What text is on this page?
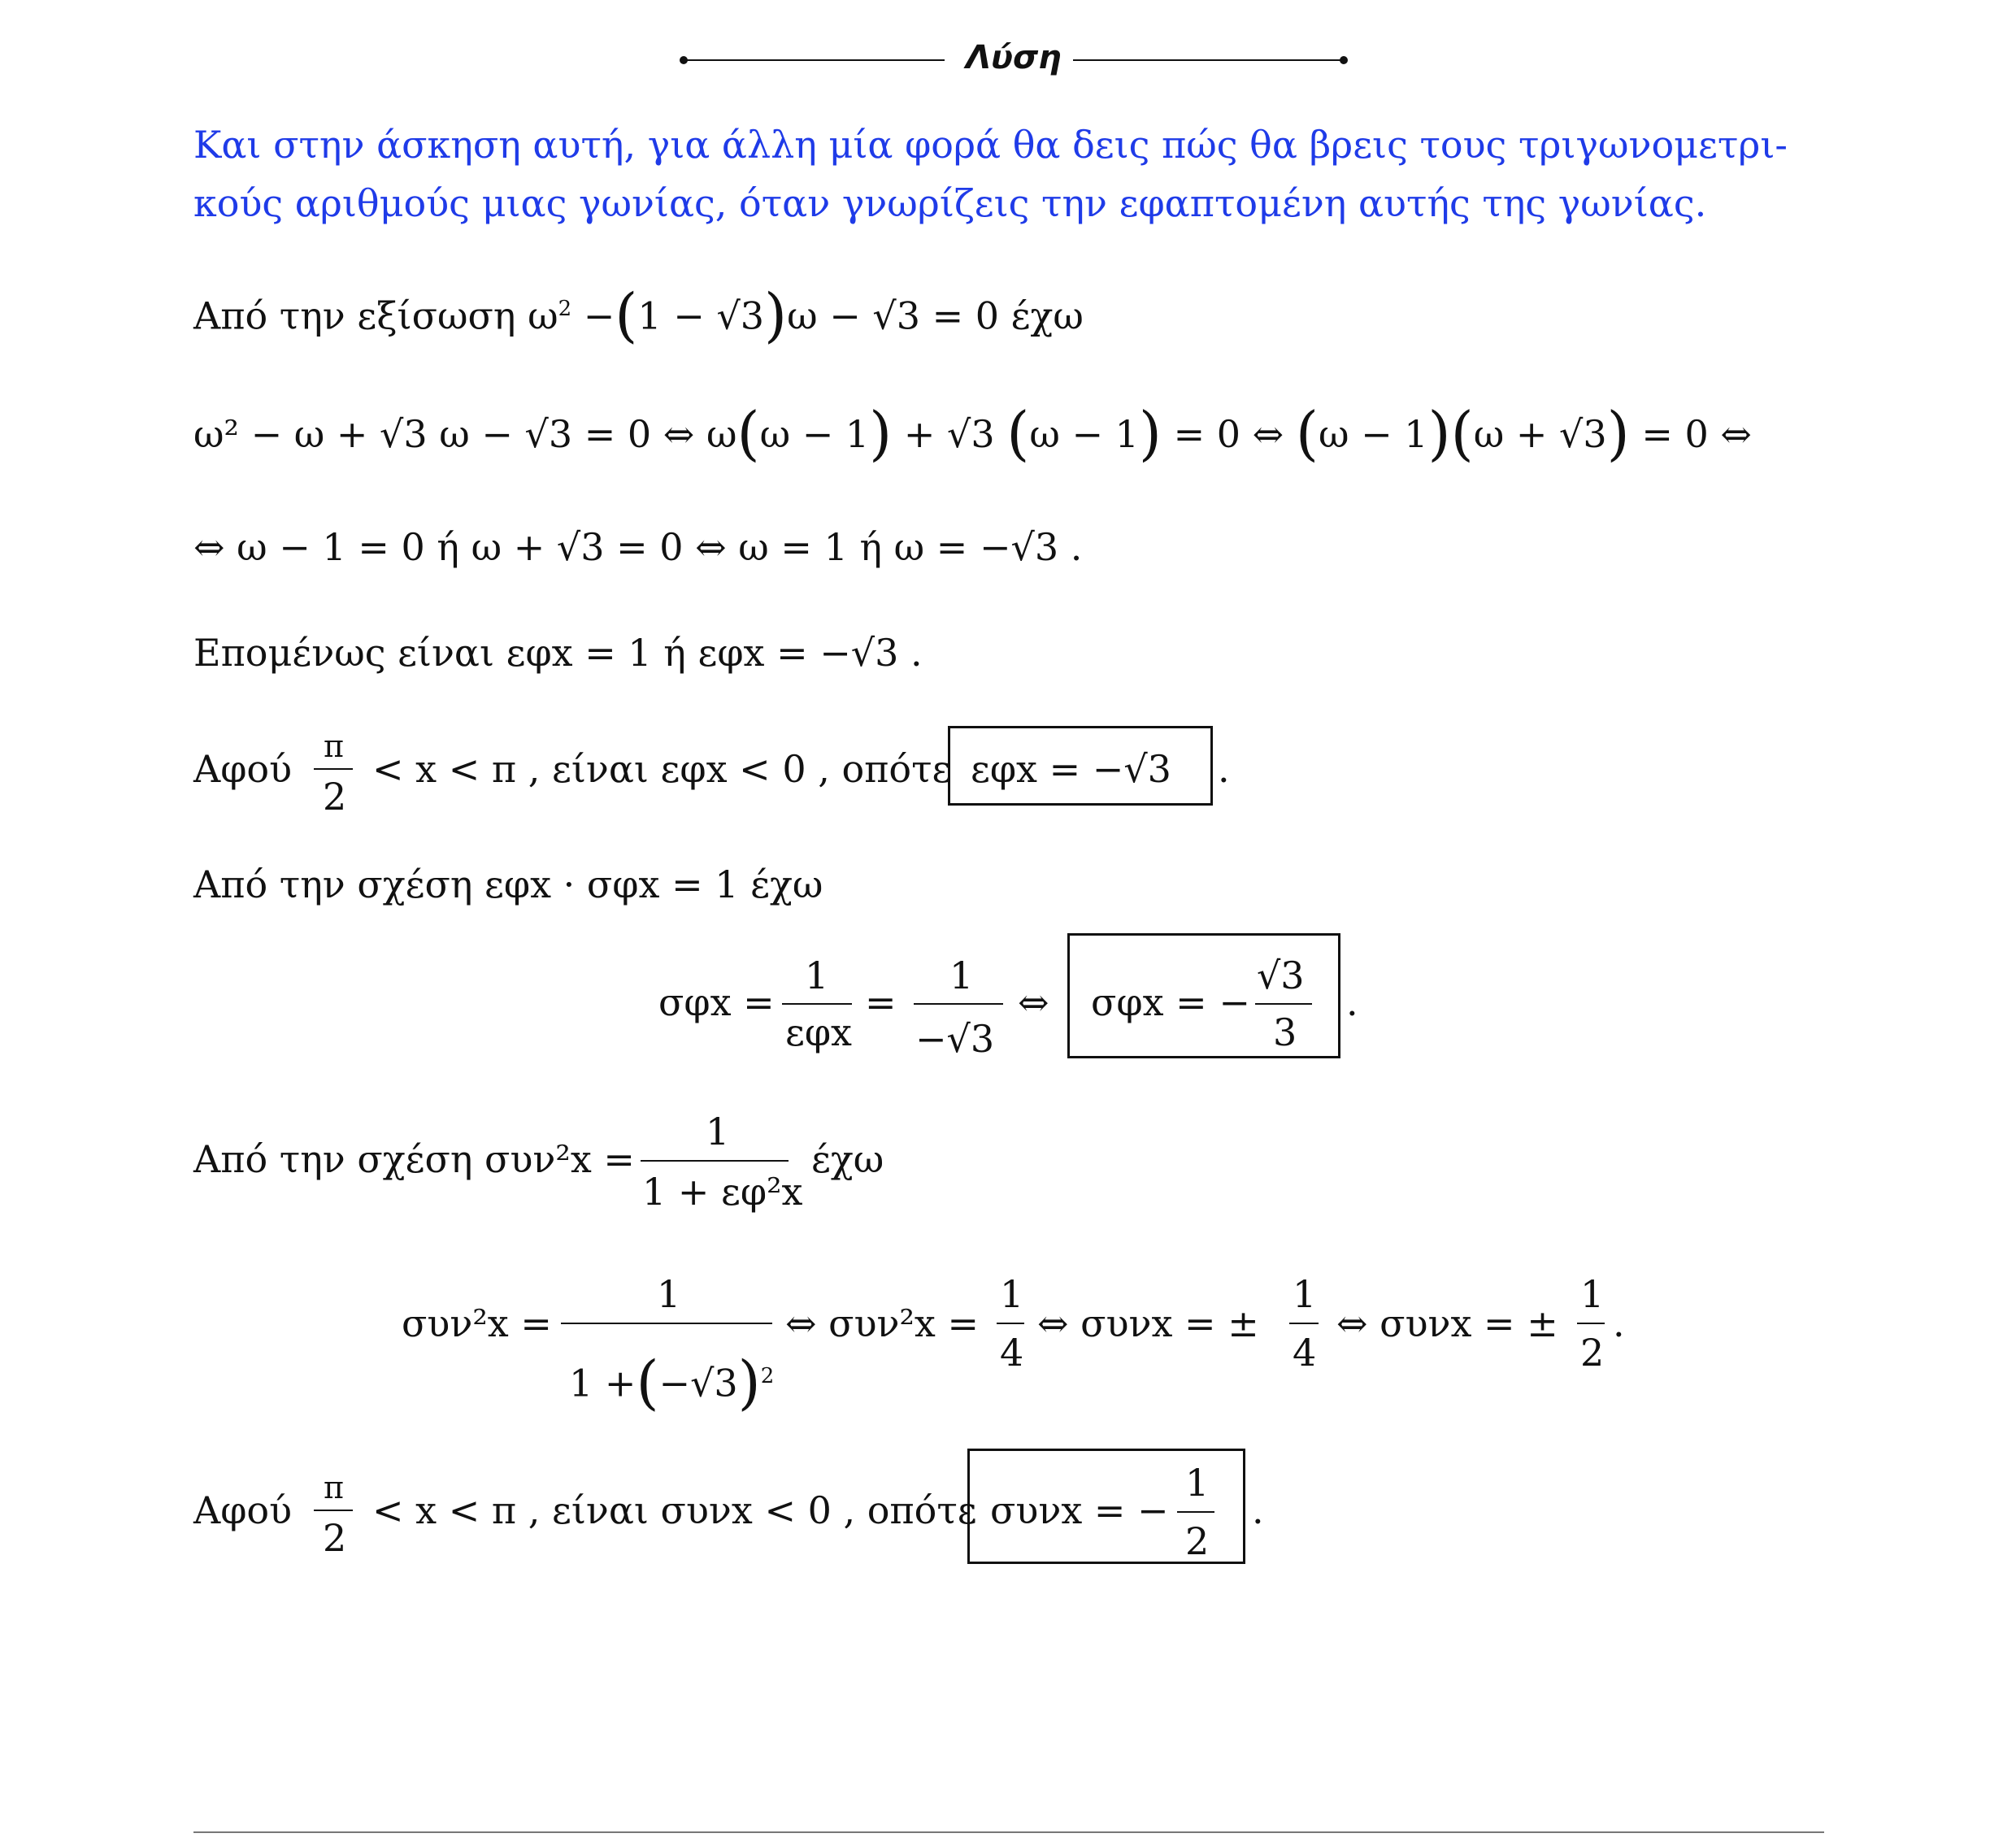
Λύση
Και στην άσκηση αυτή, για άλλη μία φορά θα δεις πώς θα βρεις τους τριγωνομετρι-
κούς αριθμούς μιας γωνίας, όταν γνωρίζεις την εφαπτομένη αυτής της γωνίας.
Από την εξίσωση $\omega^2 -(1 - √3)\omega - √3 = 0$ έχω
ω² − ω + √3 ω − √3 = 0 ⇔ ω(ω − 1) + √3 (ω − 1) = 0 ⇔ (ω − 1)(ω + √3) = 0 ⇔
⇔ ω − 1 = 0 ή ω + √3 = 0 ⇔ ω = 1 ή ω = −√3 .
Επομένως είναι εφx = 1 ή εφx = −√3 .
Αφού
π
2
< x < π , είναι εφx < 0 , οπότε εφx = −√3 .
Από την σχέση εφx · σφx = 1 έχω
σφx =
1
εφx
=
1
−√3
⇔ σφx = −
√3
3
.
Από την σχέση συν²x =
1
1 + εφ²x
έχω
συν²x =
1
$1 +(-√3)^2$
⇔ συν²x =
1
4
⇔ συνx = ±
1
4
⇔ συνx = ±
1
2
.
Αφού
π
2
< x < π , είναι συνx < 0 , οπότε συνx = −
1
2
.
